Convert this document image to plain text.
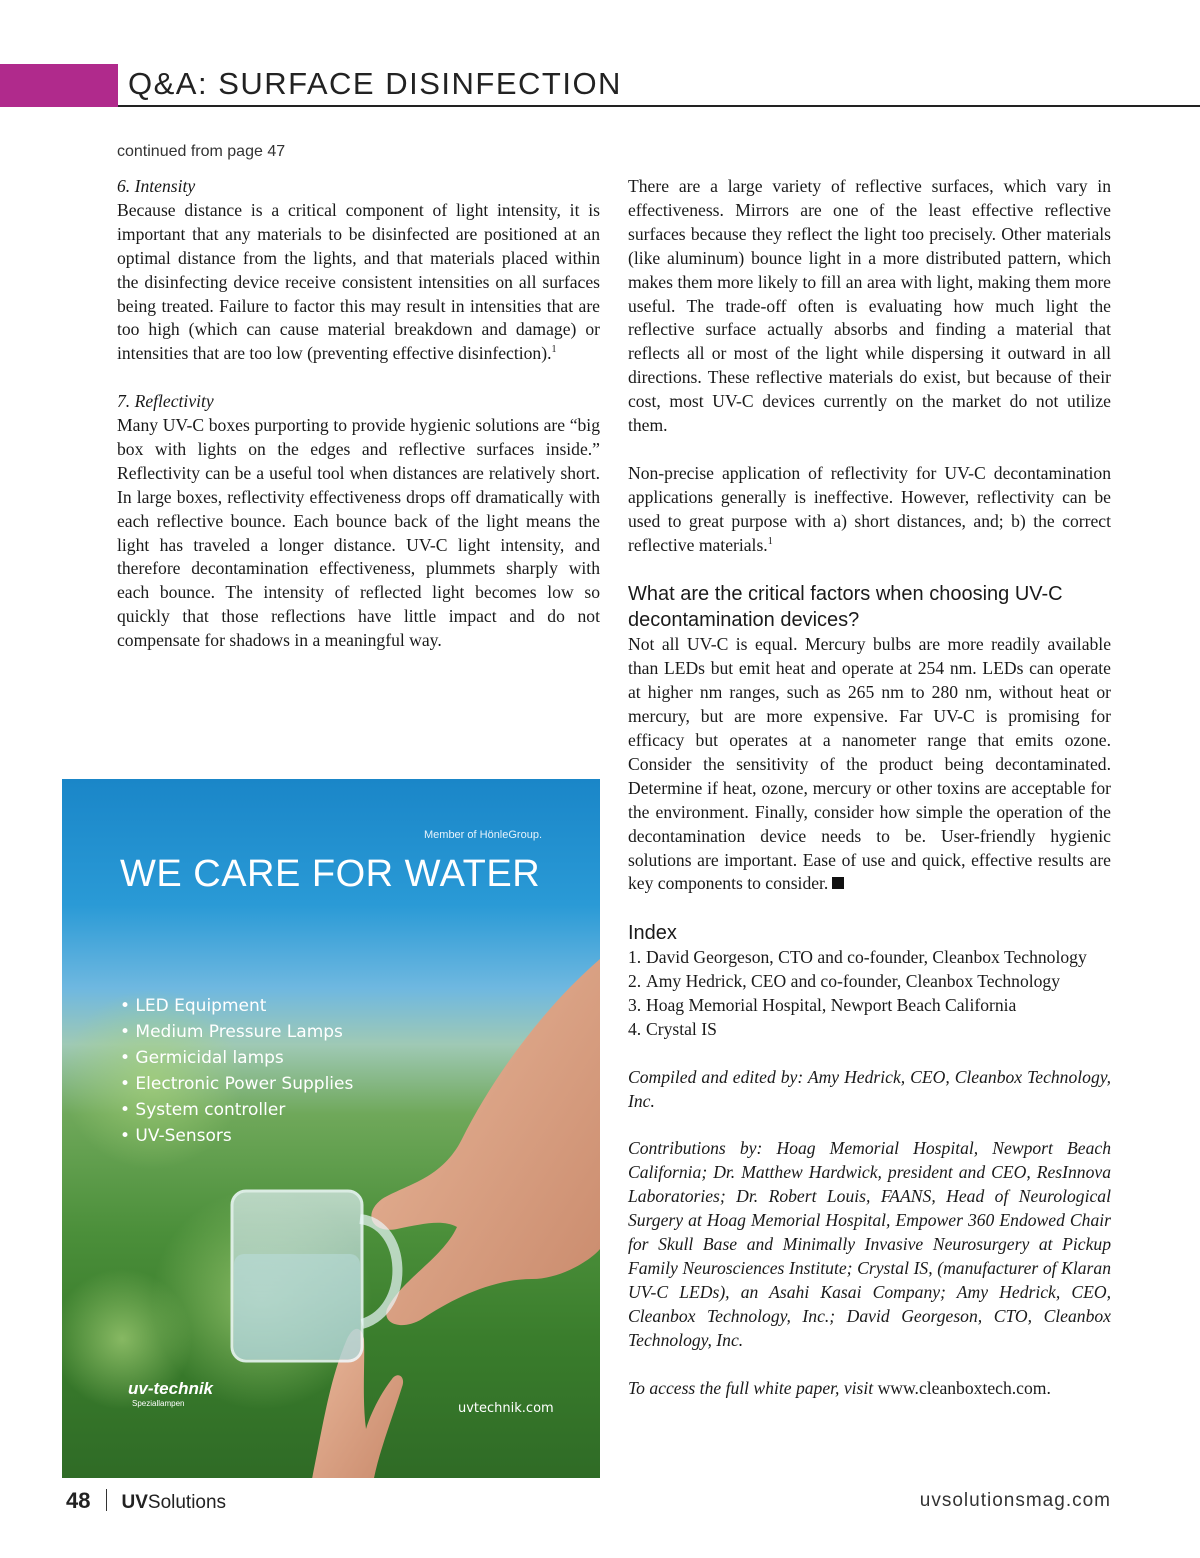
Q&A: SURFACE DISINFECTION
continued from page 47

6. Intensity
Because distance is a critical component of light intensity, it is important that any materials to be disinfected are positioned at an optimal distance from the lights, and that materials placed within the disinfecting device receive consistent intensities on all surfaces being treated. Failure to factor this may result in intensities that are too high (which can cause material breakdown and damage) or intensities that are too low (preventing effective disinfection).$^1$

7. Reflectivity
Many UV-C boxes purporting to provide hygienic solutions are “big box with lights on the edges and reflective surfaces inside.” Reflectivity can be a useful tool when distances are relatively short. In large boxes, reflectivity effectiveness drops off dramatically with each reflective bounce. Each bounce back of the light means the light has traveled a longer distance. UV-C light intensity, and therefore decontamination effectiveness, plummets sharply with each bounce. The intensity of reflected light becomes low so quickly that those reflections have little impact and do not compensate for shadows in a meaningful way.

There are a large variety of reflective surfaces, which vary in effectiveness. Mirrors are one of the least effective reflective surfaces because they reflect the light too precisely. Other materials (like aluminum) bounce light in a more distributed pattern, which makes them more likely to fill an area with light, making them more useful. The trade-off often is evaluating how much light the reflective surface actually absorbs and finding a material that reflects all or most of the light while dispersing it outward in all directions. These reflective materials do exist, but because of their cost, most UV-C devices currently on the market do not utilize them.

Non-precise application of reflectivity for UV-C decontamination applications generally is ineffective. However, reflectivity can be used to great purpose with a) short distances, and; b) the correct reflective materials.$^1$

What are the critical factors when choosing UV-C decontamination devices?

Not all UV-C is equal. Mercury bulbs are more readily available than LEDs but emit heat and operate at 254 nm. LEDs can operate at higher nm ranges, such as 265 nm to 280 nm, without heat or mercury, but are more expensive. Far UV-C is promising for efficacy but operates at a nanometer range that emits ozone. Consider the sensitivity of the product being decontaminated. Determine if heat, ozone, mercury or other toxins are acceptable for the environment. Finally, consider how simple the operation of the decontamination device needs to be. User-friendly hygienic solutions are important. Ease of use and quick, effective results are key components to consider.

Index
1. David Georgeson, CTO and co-founder, Cleanbox Technology
2. Amy Hedrick, CEO and co-founder, Cleanbox Technology
3. Hoag Memorial Hospital, Newport Beach California
4. Crystal IS

Compiled and edited by: Amy Hedrick, CEO, Cleanbox Technology, Inc.

Contributions by: Hoag Memorial Hospital, Newport Beach California; Dr. Matthew Hardwick, president and CEO, ResInnova Laboratories; Dr. Robert Louis, FAANS, Head of Neurological Surgery at Hoag Memorial Hospital, Empower 360 Endowed Chair for Skull Base and Minimally Invasive Neurosurgery at Pickup Family Neurosciences Institute; Crystal IS, (manufacturer of Klaran UV-C LEDs), an Asahi Kasai Company; Amy Hedrick, CEO, Cleanbox Technology, Inc.; David Georgeson, CTO, Cleanbox Technology, Inc.

To access the full white paper, visit www.cleanboxtech.com.

Member of HönleGroup.
WE CARE FOR WATER
• LED Equipment
• Medium Pressure Lamps
• Germicidal lamps
• Electronic Power Supplies
• System controller
• UV-Sensors
uv-technik
Speziallampen	uvtechnik.com
48 UVSolutions	uvsolutionsmag.com
